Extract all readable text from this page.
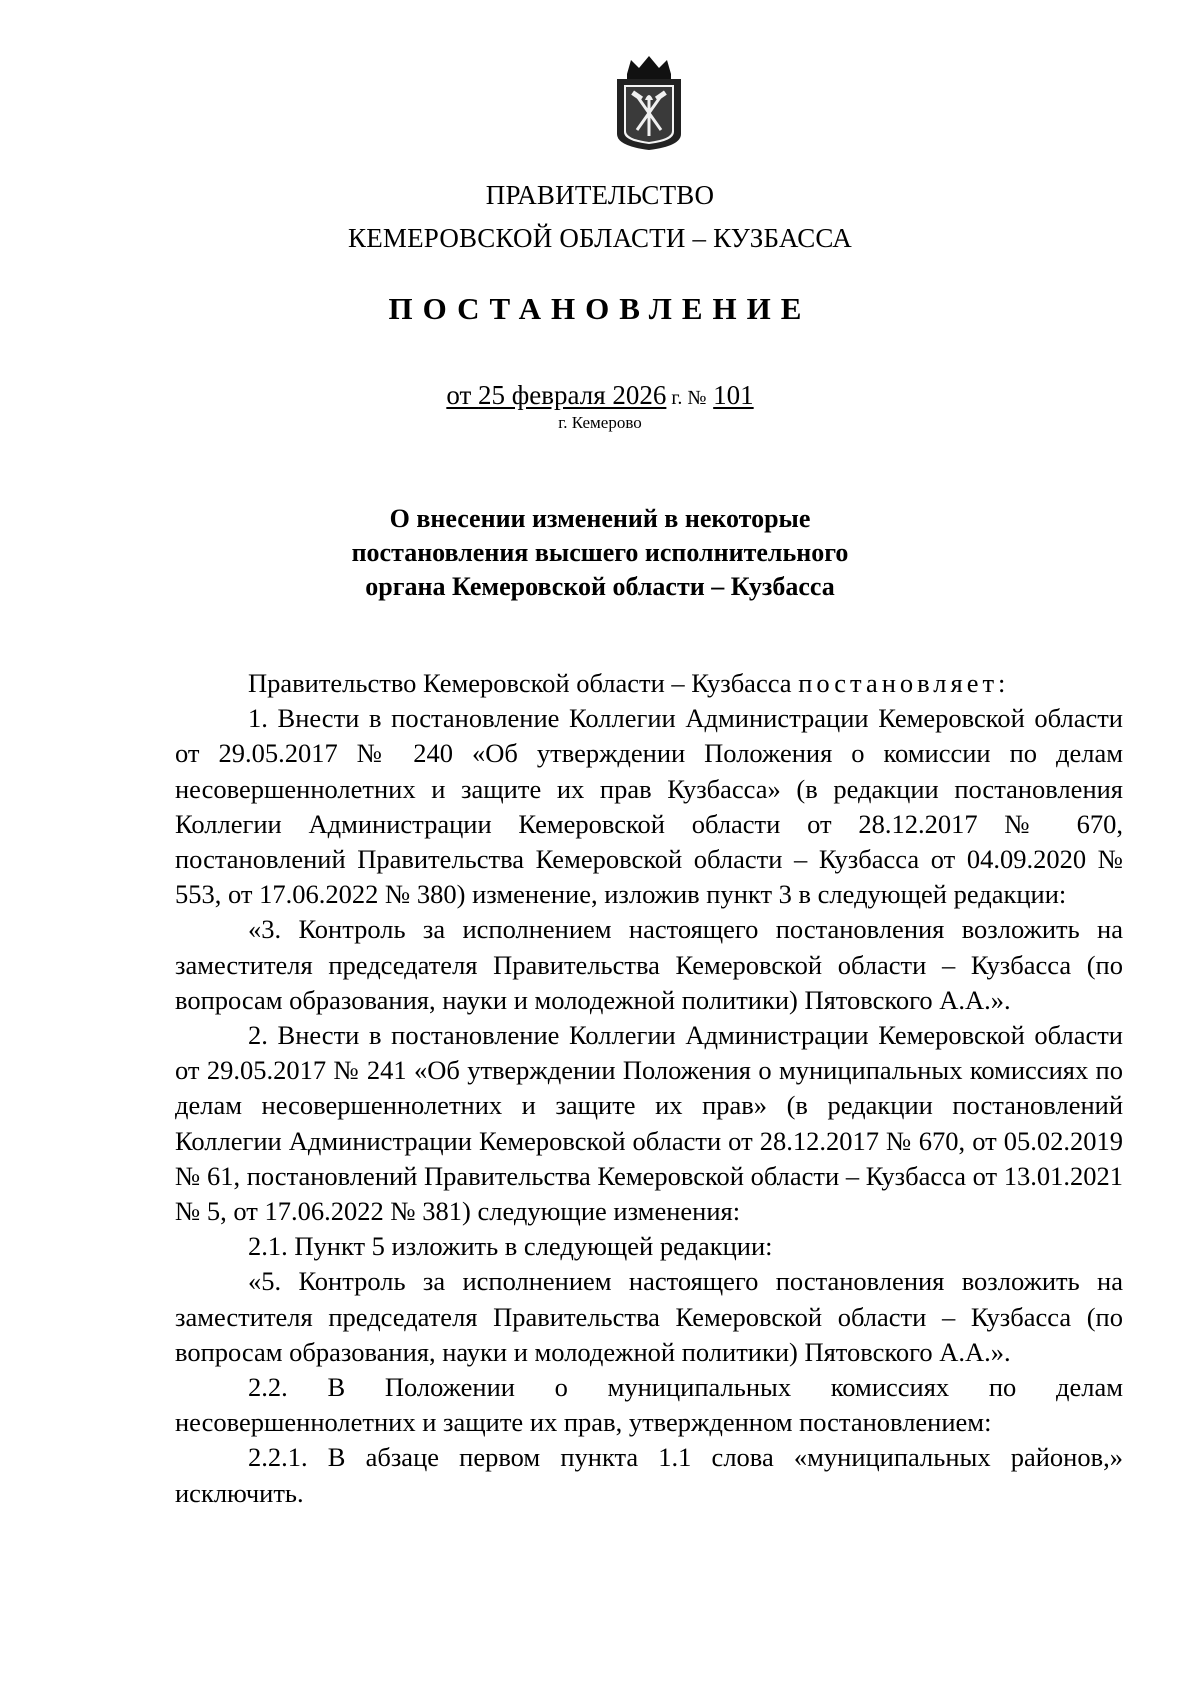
ПРАВИТЕЛЬСТВО
КЕМЕРОВСКОЙ ОБЛАСТИ – КУЗБАССА
ПОСТАНОВЛЕНИЕ
от 25 февраля 2026 г. № 101
г. Кемерово
О внесении изменений в некоторые
постановления высшего исполнительного
органа Кемеровской области – Кузбасса

Правительство Кемеровской области – Кузбасса постановляет:

1. Внести в постановление Коллегии Администрации Кемеровской области от 29.05.2017 № 240 «Об утверждении Положения о комиссии по делам несовершеннолетних и защите их прав Кузбасса» (в редакции постановления Коллегии Администрации Кемеровской области от 28.12.2017 № 670, постановлений Правительства Кемеровской области – Кузбасса от 04.09.2020 № 553, от 17.06.2022 № 380) изменение, изложив пункт 3 в следующей редакции:

«3. Контроль за исполнением настоящего постановления возложить на заместителя председателя Правительства Кемеровской области – Кузбасса (по вопросам образования, науки и молодежной политики) Пятовского А.А.».

2. Внести в постановление Коллегии Администрации Кемеровской области от 29.05.2017 № 241 «Об утверждении Положения о муниципальных комиссиях по делам несовершеннолетних и защите их прав» (в редакции постановлений Коллегии Администрации Кемеровской области от 28.12.2017 № 670, от 05.02.2019 № 61, постановлений Правительства Кемеровской области – Кузбасса от 13.01.2021 № 5, от 17.06.2022 № 381) следующие изменения:

2.1. Пункт 5 изложить в следующей редакции:

«5. Контроль за исполнением настоящего постановления возложить на заместителя председателя Правительства Кемеровской области – Кузбасса (по вопросам образования, науки и молодежной политики) Пятовского А.А.».

2.2. В Положении о муниципальных комиссиях по делам несовершеннолетних и защите их прав, утвержденном постановлением:

2.2.1. В абзаце первом пункта 1.1 слова «муниципальных районов,» исключить.
